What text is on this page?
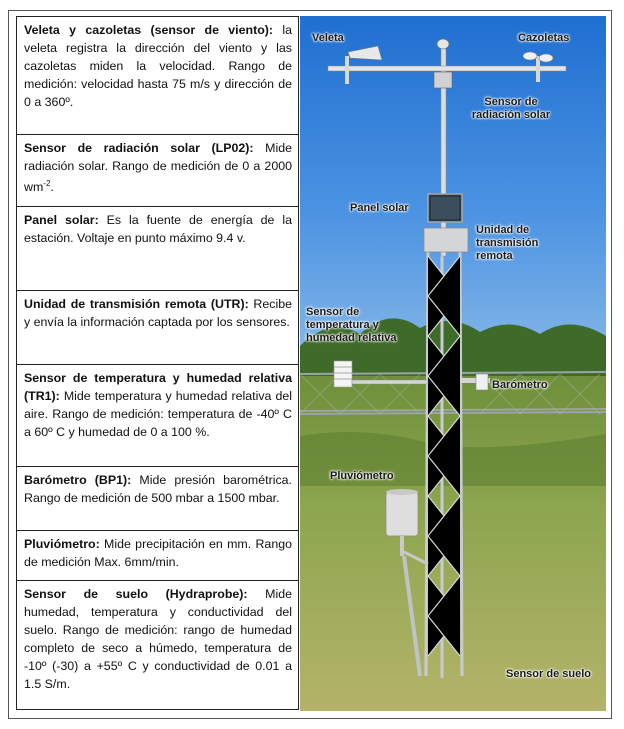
Veleta y cazoletas (sensor de viento): la veleta registra la dirección del viento y las cazoletas miden la velocidad. Rango de medición: velocidad hasta 75 m/s y dirección de 0 a 360º.
Sensor de radiación solar (LP02): Mide radiación solar. Rango de medición de 0 a 2000 $wm^{-2}$.
Panel solar: Es la fuente de energía de la estación. Voltaje en punto máximo 9.4 v.
Unidad de transmisión remota (UTR): Recibe y envía la información captada por los sensores.
Sensor de temperatura y humedad relativa (TR1): Mide temperatura y humedad relativa del aire. Rango de medición: temperatura de -40º C a 60º C y humedad de 0 a 100 %.
Barómetro (BP1): Mide presión barométrica. Rango de medición de 500 mbar a 1500 mbar.
Pluviómetro: Mide precipitación en mm. Rango de medición Max. 6mm/min.
Sensor de suelo (Hydraprobe): Mide humedad, temperatura y conductividad del suelo. Rango de medición: rango de humedad completo de seco a húmedo, temperatura de -10º (-30) a +55º C y conductividad de 0.01 a 1.5 S/m.
Veleta	Cazoletas
Sensor de radiación solar
Panel solar
Unidad de transmisión remota
Sensor de temperatura y humedad relativa
Barómetro
Pluviómetro
Sensor de suelo
